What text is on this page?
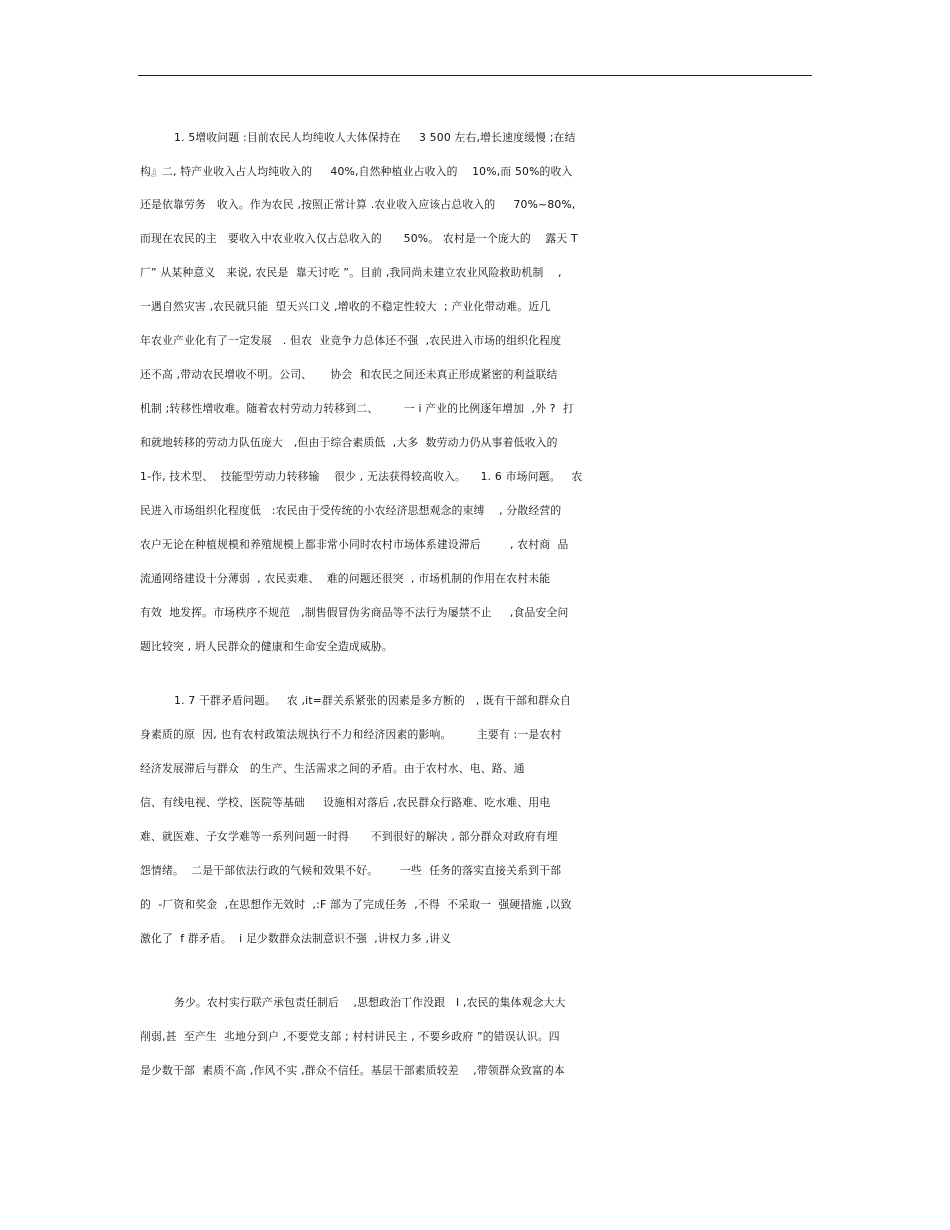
1. 5增收问题 :目前农民人均纯收人大体保持在     3 500 左右,增长速度缓慢 ;在结
构』二, 特产业收入占人均纯收入的     40%,自然种植业占收入的    10%,而 50%的收入
还是依靠劳务   收入。作为农民 ,按照正常计算 .农业收入应该占总收入的     70%~80%,
而现在农民的主   要收入中农业收入仅占总收入的      50%。 农村是一个庞大的    露天 T
厂” 从某种意义   来说, 农民是  靠天讨吃 ”。目前 ,我同尚未建立农业风险救助机制    ,
一遇自然灾害 ,农民就只能  望天兴口义 ,增收的不稳定性较大  ; 产业化带动难。近几
年农业产业化有了一定发展   . 但农  业竞争力总体还不强  ,农民进入市场的组织化程度
还不高 ,带动农民增收不明。公司、     协会  和农民之间还未真正形成紧密的利益联结
机制 ;转移性增收难。随着农村劳动力转移到二、       一 i 产业的比例逐年增加  ,外 ?  打
和就地转移的劳动力队伍庞大   ,但由于综合素质低  ,大多  数劳动力仍从事着低收入的
1-作, 技术型、  技能型劳动力转移输    很少 , 无法获得较高收入。    1. 6 市场问题。   农
民进入市场组织化程度低   :农民由于受传统的小农经济思想观念的束缚    , 分散经营的
农户无论在种植规模和养殖规模上都非常小同时农村市场体系建设滞后        , 农村商  品
流通网络建设十分薄弱  , 农民卖难、  难的问题还很突  , 市场机制的作用在农村未能
有效  地发挥。市场秩序不规范   ,制售假冒伪劣商品等不法行为屡禁不止     ,食品安全问
题比较突 , 坍人民群众的健康和生命安全造成威胁。
1. 7 干群矛盾问题。   农 ,it=群关系紧张的因素是多方断的   , 既有干部和群众自
身素质的原  因, 也有农村政策法规执行不力和经济因素的影响。       主要有 :一是农村
经济发展滞后与群众   的生产、生活需求之间的矛盾。由于农村水、电、路、通
信、有线电视、学校、医院等基础     设施相对落后 ,农民群众行路难、吃水难、用电
难、就医难、子女学难等一系列问题一时得      不到很好的解决 , 部分群众对政府有埋
怨情绪。  二是干部依法行政的气候和效果不好。      一些  任务的落实直接关系到干部
的  -厂资和奖金  ,在思想作无效时  ,:F 部为了完成任务  ,不得  不采取一  强硬措施 ,以致
激化了  f 群矛盾。  i 足少数群众法制意识不强  ,讲权力多 ,讲义
务少。农村实行联产承包责任制后    ,思想政治丅作没跟   I ,农民的集体观念大大
削弱,甚  至产生  丠地分到户 ,不要党支部 ; 村村讲民主 , 不要乡政府 ”的错误认识。四
是少数干部  素质不高 ,作风不实 ,群众不信任。基层干部素质较差    ,带领群众致富的本
